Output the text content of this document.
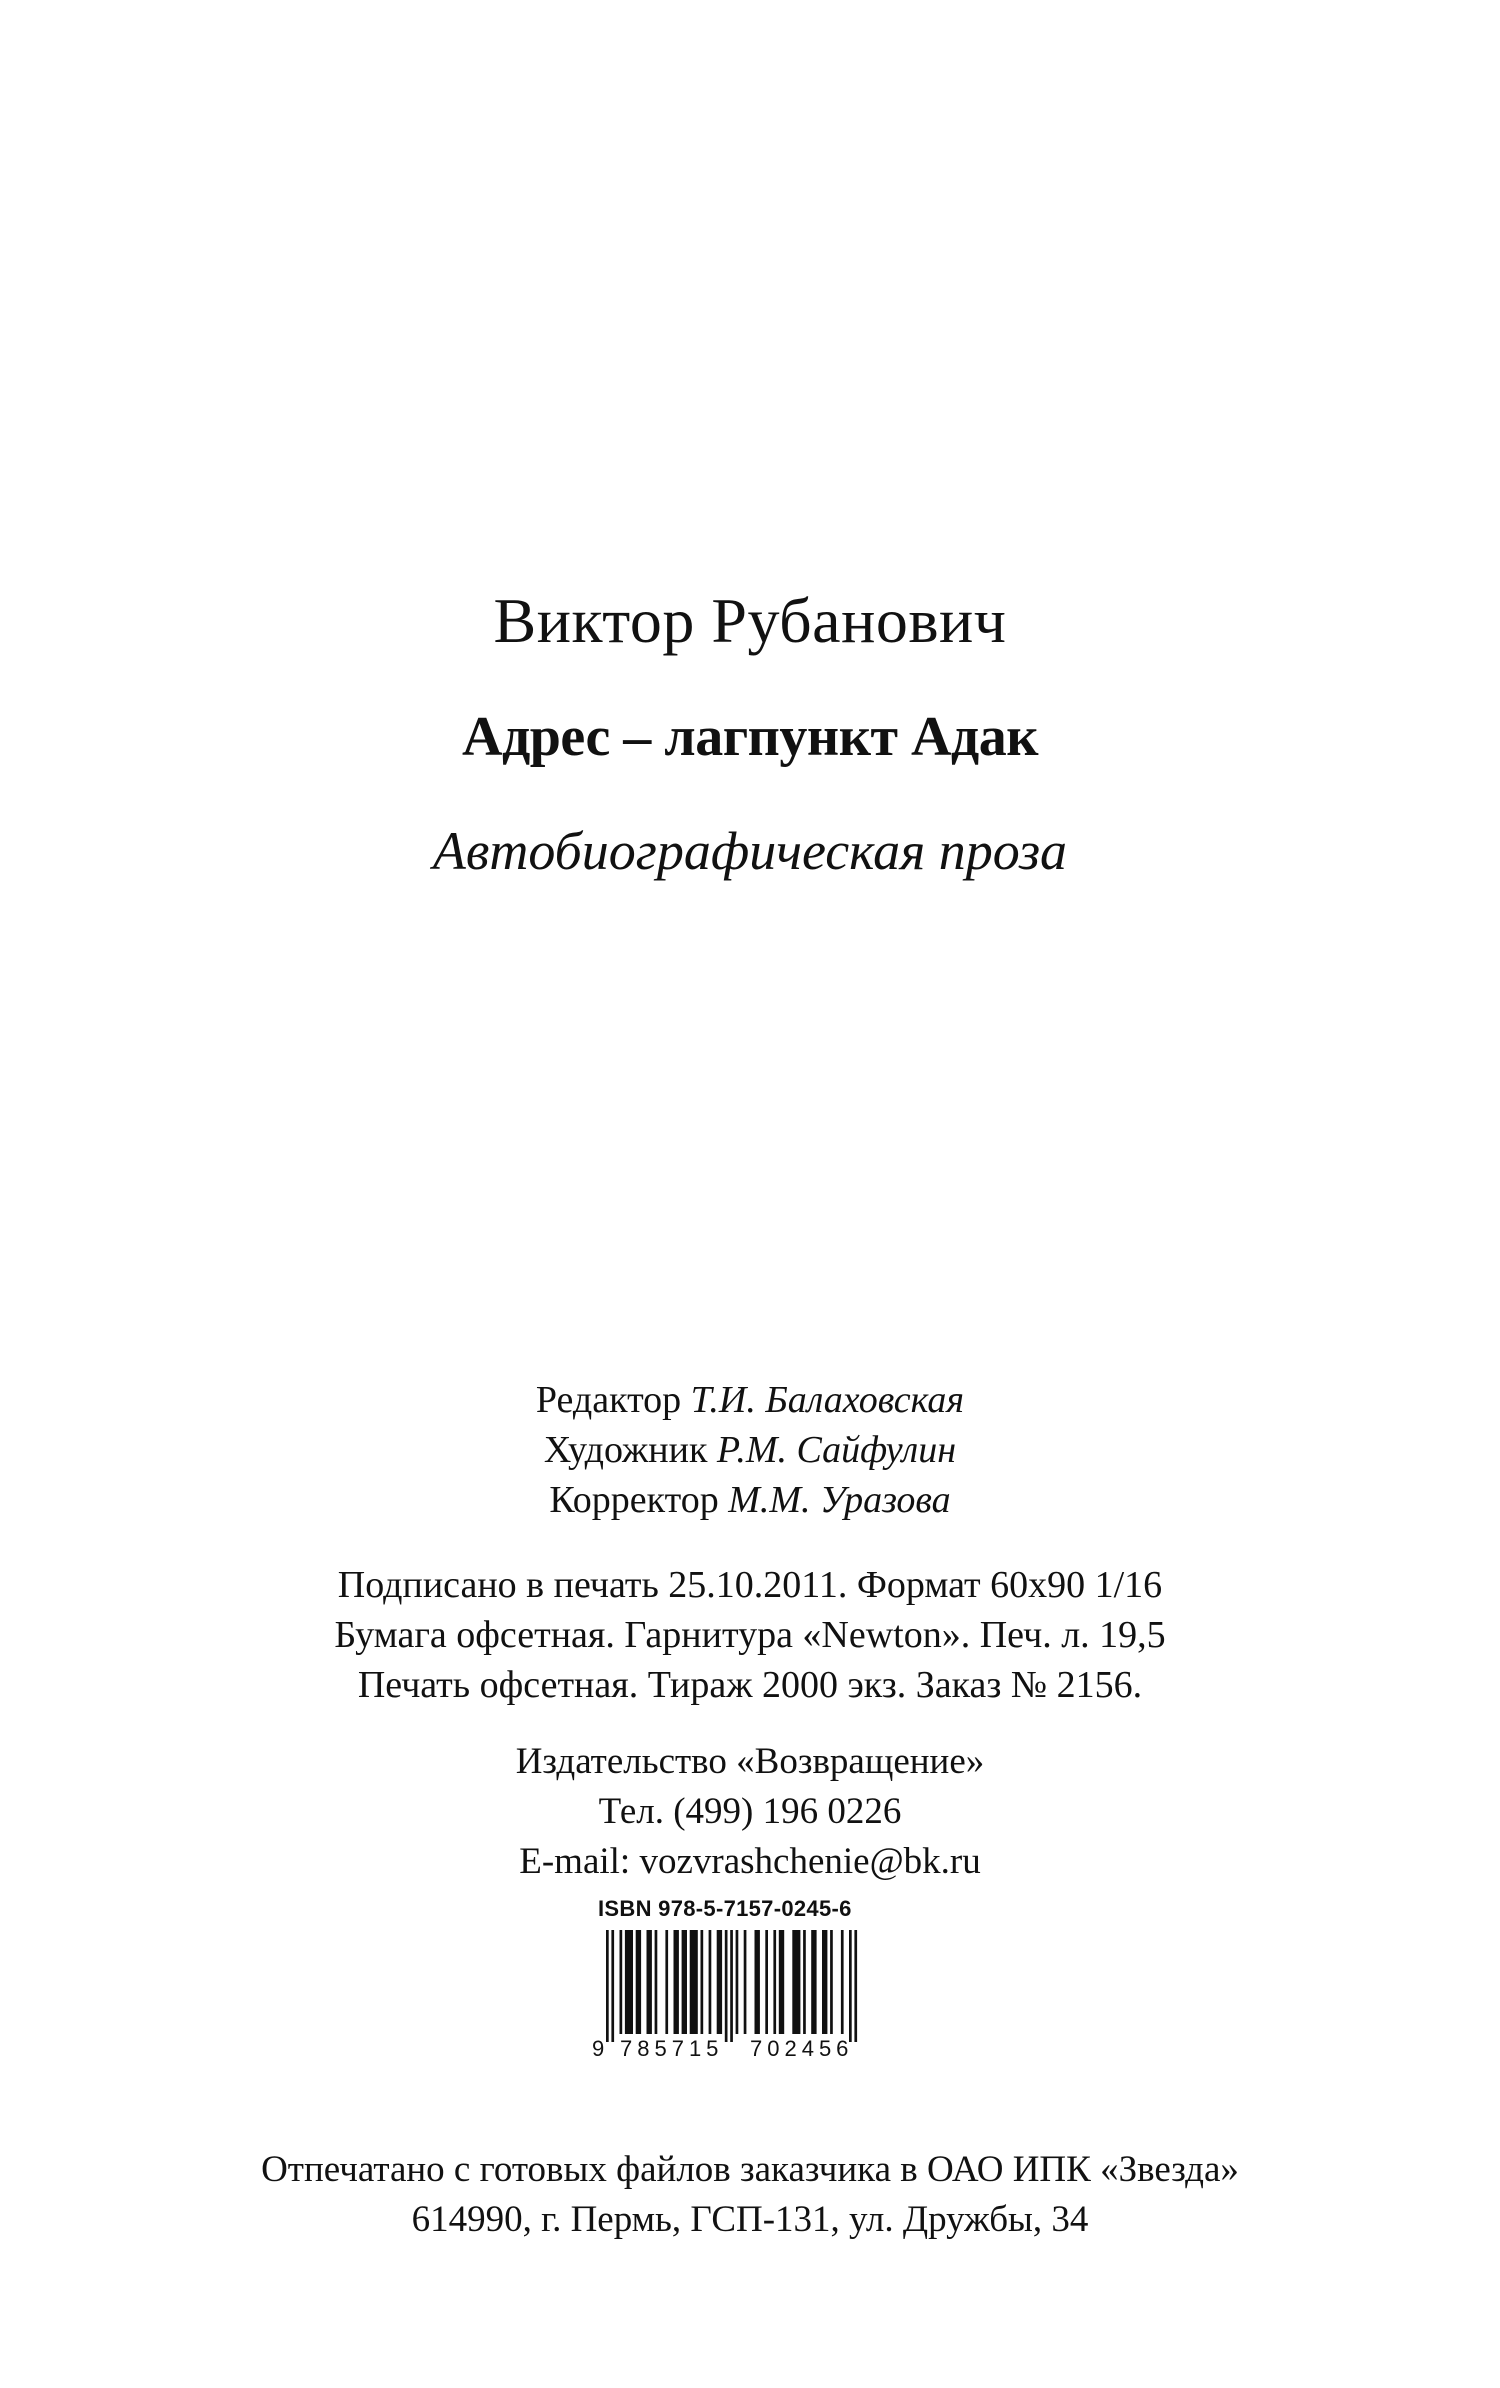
Виктор Рубанович
Адрес – лагпункт Адак
Автобиографическая проза
Редактор Т.И. Балаховская
Художник Р.М. Сайфулин
Корректор М.М. Уразова
Подписано в печать 25.10.2011. Формат 60х90 1/16
Бумага офсетная. Гарнитура «Newton». Печ. л. 19,5
Печать офсетная. Тираж 2000 экз. Заказ № 2156.
Издательство «Возвращение»
Тел. (499) 196 0226
E-mail: vozvrashchenie@bk.ru
ISBN 978-5-7157-0245-6
9 785715 702456
Отпечатано с готовых файлов заказчика в ОАО ИПК «Звезда»
614990, г. Пермь, ГСП-131, ул. Дружбы, 34
